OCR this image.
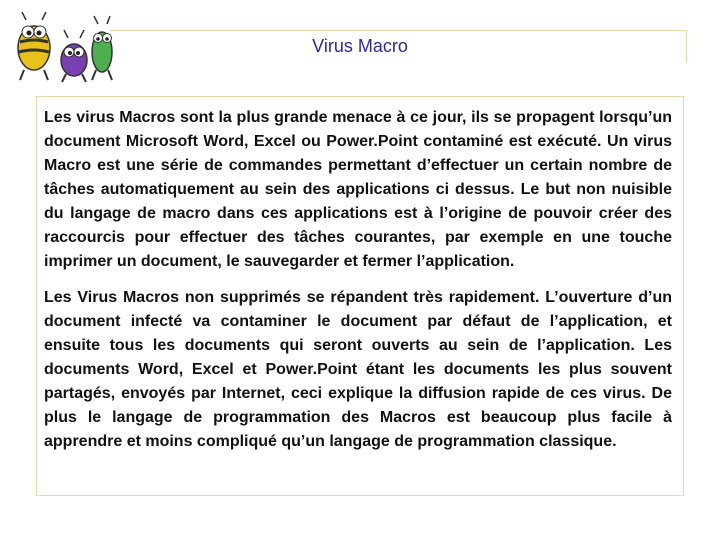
Virus Macro

Les virus Macros sont la plus grande menace à ce jour, ils se propagent lorsqu’un document Microsoft Word, Excel ou Power.Point contaminé est exécuté. Un virus Macro est une série de commandes permettant d’effectuer un certain nombre de tâches automatiquement au sein des applications ci dessus. Le but non nuisible du langage de macro dans ces applications est à l’origine de pouvoir créer des raccourcis pour effectuer des tâches courantes, par exemple en une touche imprimer un document, le sauvegarder et fermer l’application.

Les Virus Macros non supprimés se répandent très rapidement. L’ouverture d’un document infecté va contaminer le document par défaut de l’application, et ensuite tous les documents qui seront ouverts au sein de l’application. Les documents Word, Excel et Power.Point étant les documents les plus souvent partagés, envoyés par Internet, ceci explique la diffusion rapide de ces virus. De plus le langage de programmation des Macros est beaucoup plus facile à apprendre et moins compliqué qu’un langage de programmation classique.
